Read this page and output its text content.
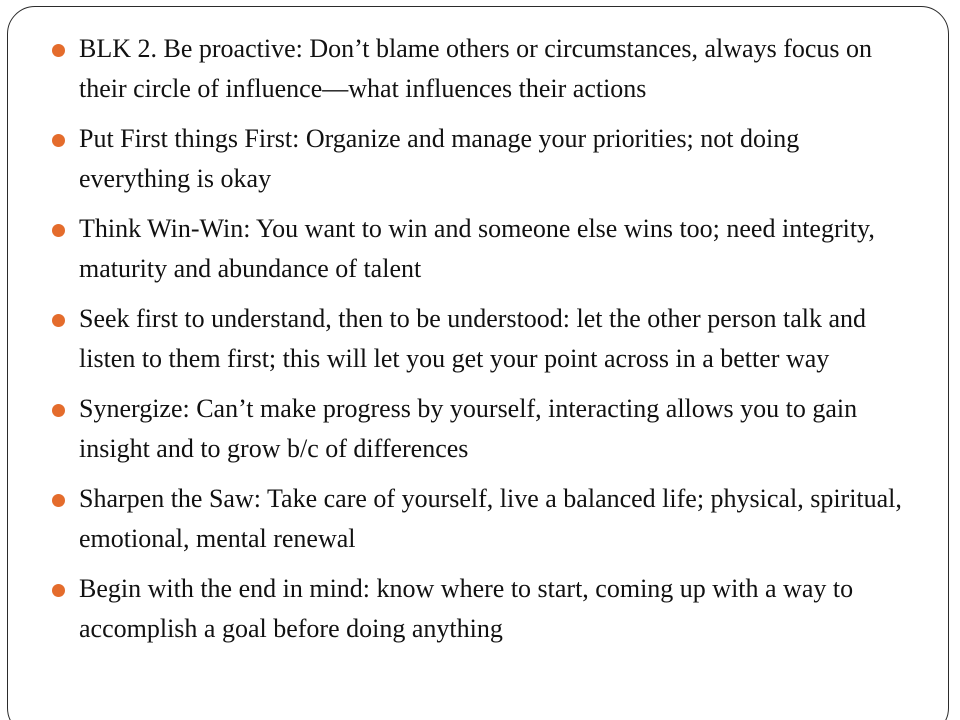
BLK 2. Be proactive: Don’t blame others or circumstances, always focus on their circle of influence—what influences their actions
Put First things First: Organize and manage your priorities; not doing everything is okay
Think Win-Win: You want to win and someone else wins too; need integrity, maturity and abundance of talent
Seek first to understand, then to be understood: let the other person talk and listen to them first; this will let you get your point across in a better way
Synergize: Can’t make progress by yourself, interacting allows you to gain insight and to grow b/c of differences
Sharpen the Saw: Take care of yourself, live a balanced life; physical, spiritual, emotional, mental renewal
Begin with the end in mind: know where to start, coming up with a way to accomplish a goal before doing anything
